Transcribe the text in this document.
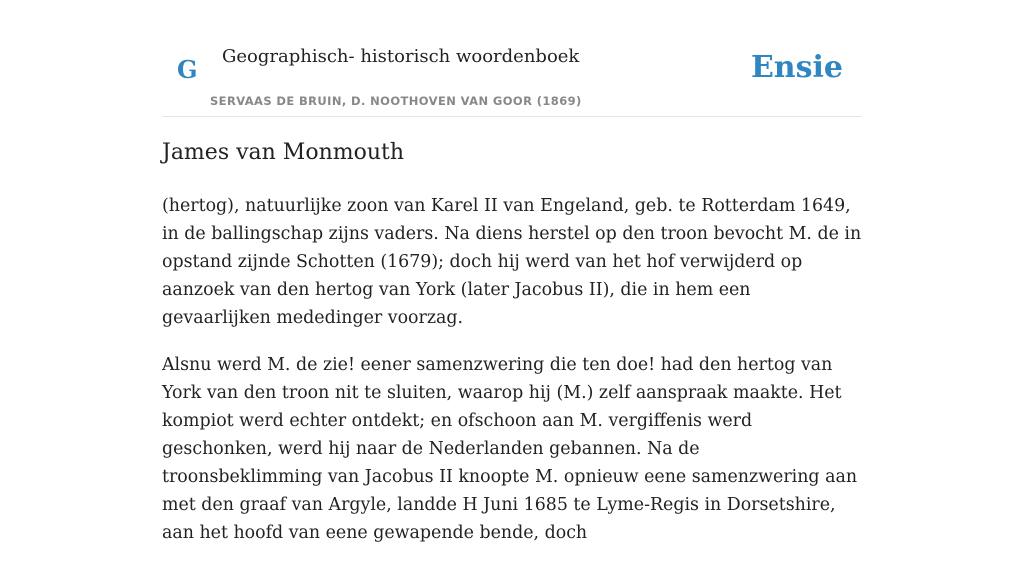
G Geographisch- historisch woordenboek
SERVAAS DE BRUIN, D. NOOTHOVEN VAN GOOR (1869)
Ensie
James van Monmouth

(hertog), natuurlijke zoon van Karel II van Engeland, geb. te Rotterdam 1649, in de ballingschap zijns vaders. Na diens herstel op den troon bevocht M. de in opstand zijnde Schotten (1679); doch hij werd van het hof verwijderd op aanzoek van den hertog van York (later Jacobus II), die in hem een gevaarlijken mededinger voorzag.

Alsnu werd M. de zie! eener samenzwering die ten doe! had den hertog van York van den troon nit te sluiten, waarop hij (M.) zelf aanspraak maakte. Het kompiot werd echter ontdekt; en ofschoon aan M. vergiffenis werd geschonken, werd hij naar de Nederlanden gebannen. Na de troonsbeklimming van Jacobus II knoopte M. opnieuw eene samenzwering aan met den graaf van Argyle, landde H Juni 1685 te Lyme-Regis in Dorsetshire, aan het hoofd van eene gewapende bende, doch
